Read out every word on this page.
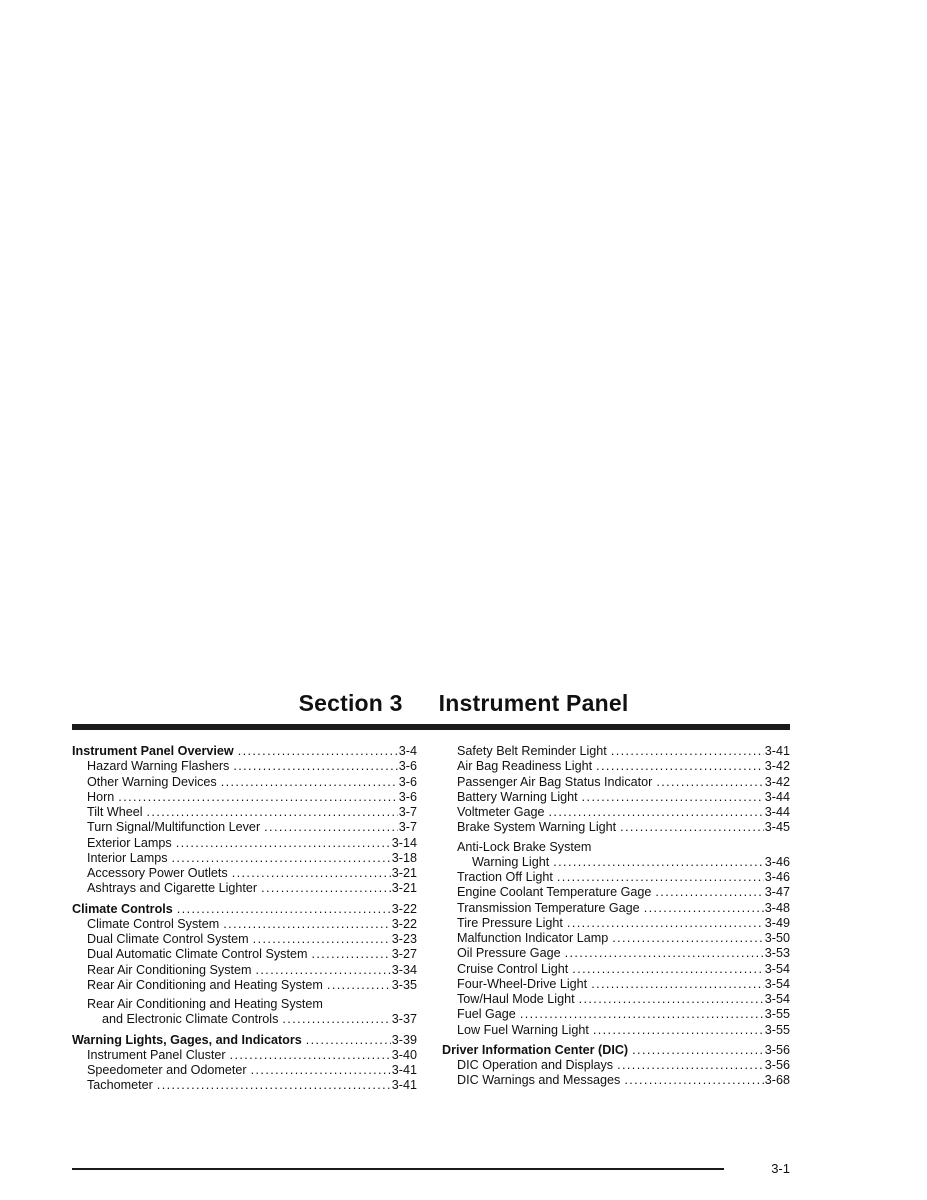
Section 3 Instrument Panel
Instrument Panel Overview .....	3-4
Hazard Warning Flashers .....	3-6
Other Warning Devices .....	3-6
Horn .....	3-6
Tilt Wheel .....	3-7
Turn Signal/Multifunction Lever .....	3-7
Exterior Lamps .....	3-14
Interior Lamps .....	3-18
Accessory Power Outlets .....	3-21
Ashtrays and Cigarette Lighter .....	3-21
Climate Controls .....	3-22
Climate Control System .....	3-22
Dual Climate Control System .....	3-23
Dual Automatic Climate Control System .....	3-27
Rear Air Conditioning System .....	3-34
Rear Air Conditioning and Heating System .....	3-35
Rear Air Conditioning and Heating System
and Electronic Climate Controls .....	3-37
Warning Lights, Gages, and Indicators .....	3-39
Instrument Panel Cluster .....	3-40
Speedometer and Odometer .....	3-41
Tachometer .....	3-41
Safety Belt Reminder Light .....	3-41
Air Bag Readiness Light .....	3-42
Passenger Air Bag Status Indicator .....	3-42
Battery Warning Light .....	3-44
Voltmeter Gage .....	3-44
Brake System Warning Light .....	3-45
Anti-Lock Brake System
Warning Light .....	3-46
Traction Off Light .....	3-46
Engine Coolant Temperature Gage .....	3-47
Transmission Temperature Gage .....	3-48
Tire Pressure Light .....	3-49
Malfunction Indicator Lamp .....	3-50
Oil Pressure Gage .....	3-53
Cruise Control Light .....	3-54
Four-Wheel-Drive Light .....	3-54
Tow/Haul Mode Light .....	3-54
Fuel Gage .....	3-55
Low Fuel Warning Light .....	3-55
Driver Information Center (DIC) .....	3-56
DIC Operation and Displays .....	3-56
DIC Warnings and Messages .....	3-68
3-1
